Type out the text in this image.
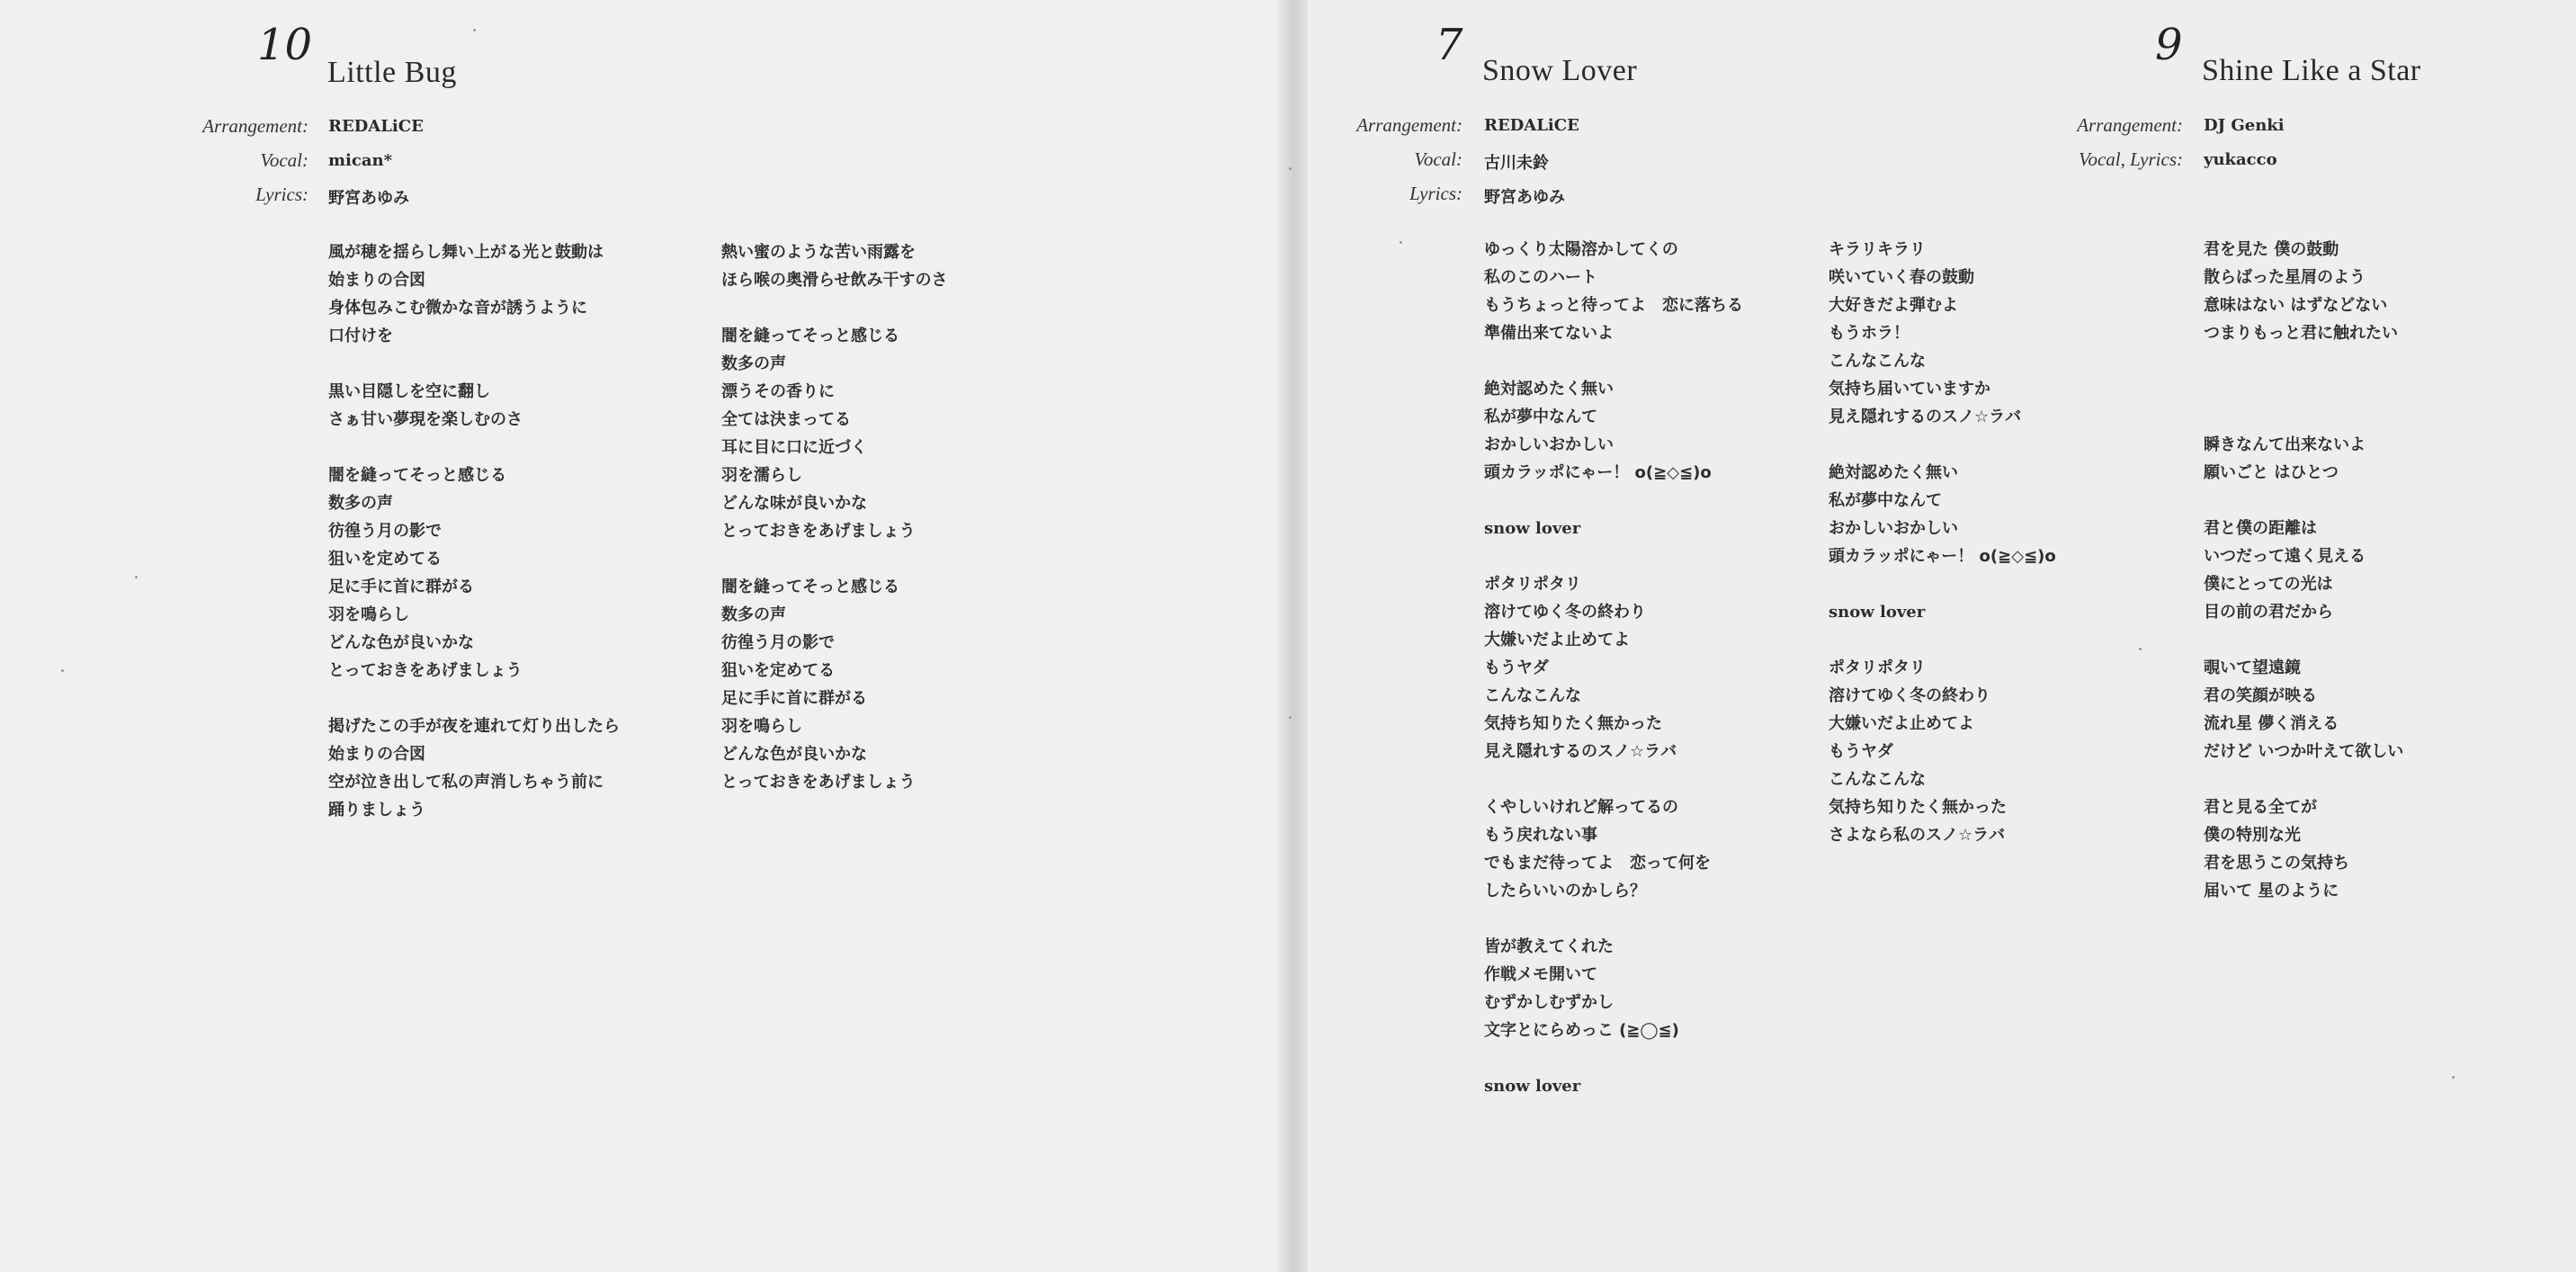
10
Little Bug
Arrangement: REDALiCE
Vocal: mican*
Lyrics: 野宮あゆみ
風が穂を揺らし舞い上がる光と鼓動は
始まりの合図
身体包みこむ微かな音が誘うように
口付けを
黒い目隠しを空に翻し
さぁ甘い夢現を楽しむのさ
闇を縫ってそっと感じる
数多の声
彷徨う月の影で
狙いを定めてる
足に手に首に群がる
羽を鳴らし
どんな色が良いかな
とっておきをあげましょう
掲げたこの手が夜を連れて灯り出したら
始まりの合図
空が泣き出して私の声消しちゃう前に
踊りましょう
熱い蜜のような苦い雨露を
ほら喉の奥滑らせ飲み干すのさ
闇を縫ってそっと感じる
数多の声
漂うその香りに
全ては決まってる
耳に目に口に近づく
羽を濡らし
どんな味が良いかな
とっておきをあげましょう
闇を縫ってそっと感じる
数多の声
彷徨う月の影で
狙いを定めてる
足に手に首に群がる
羽を鳴らし
どんな色が良いかな
とっておきをあげましょう
7
Snow Lover
Arrangement: REDALiCE
Vocal: 古川未鈴
Lyrics: 野宮あゆみ
ゆっくり太陽溶かしてくの
私のこのハート
もうちょっと待ってよ　恋に落ちる
準備出来てないよ
絶対認めたく無い
私が夢中なんて
おかしいおかしい
頭カラッポにゃー！ o(≧◇≦)o
snow lover
ポタリポタリ
溶けてゆく冬の終わり
大嫌いだよ止めてよ
もうヤダ
こんなこんな
気持ち知りたく無かった
見え隠れするのスノ☆ラバ
くやしいけれど解ってるの
もう戻れない事
でもまだ待ってよ　恋って何を
したらいいのかしら？
皆が教えてくれた
作戦メモ開いて
むずかしむずかし
文字とにらめっこ (≧◯≦)
snow lover
キラリキラリ
咲いていく春の鼓動
大好きだよ弾むよ
もうホラ！
こんなこんな
気持ち届いていますか
見え隠れするのスノ☆ラバ
絶対認めたく無い
私が夢中なんて
おかしいおかしい
頭カラッポにゃー！ o(≧◇≦)o
snow lover
ポタリポタリ
溶けてゆく冬の終わり
大嫌いだよ止めてよ
もうヤダ
こんなこんな
気持ち知りたく無かった
さよなら私のスノ☆ラバ
9
Shine Like a Star
Arrangement: DJ Genki
Vocal, Lyrics: yukacco
君を見た 僕の鼓動
散らばった星屑のよう
意味はない はずなどない
つまりもっと君に触れたい
瞬きなんて出来ないよ
願いごと はひとつ
君と僕の距離は
いつだって遠く見える
僕にとっての光は
目の前の君だから
覗いて望遠鏡
君の笑顔が映る
流れ星 儚く消える
だけど いつか叶えて欲しい
君と見る全てが
僕の特別な光
君を思うこの気持ち
届いて 星のように
